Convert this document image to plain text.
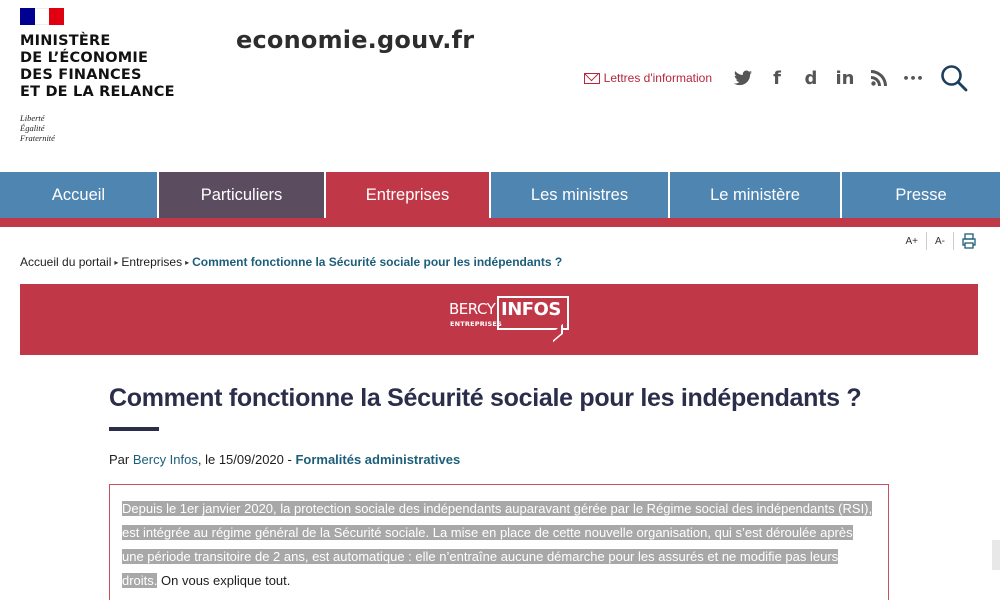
MINISTÈRE
DE L’ÉCONOMIE
DES FINANCES
ET DE LA RELANCE
Liberté
Égalité
Fraternité
economie.gouv.fr
Lettres d'information	f	d	in	•••
Accueil	Particuliers	Entreprises	Les ministres	Le ministère	Presse
A+	A-
Accueil du portail ▸ Entreprises ▸ Comment fonctionne la Sécurité sociale pour les indépendants ?
BERCY
ENTREPRISES
INFOS
Comment fonctionne la Sécurité sociale pour les indépendants ?
Par Bercy Infos, le 15/09/2020 - Formalités administratives

Depuis le 1er janvier 2020, la protection sociale des indépendants auparavant gérée par le Régime social des indépendants (RSI), est intégrée au régime général de la Sécurité sociale. La mise en place de cette nouvelle organisation, qui s’est déroulée après une période transitoire de 2 ans, est automatique : elle n’entraîne aucune démarche pour les assurés et ne modifie pas leurs droits. On vous explique tout.
